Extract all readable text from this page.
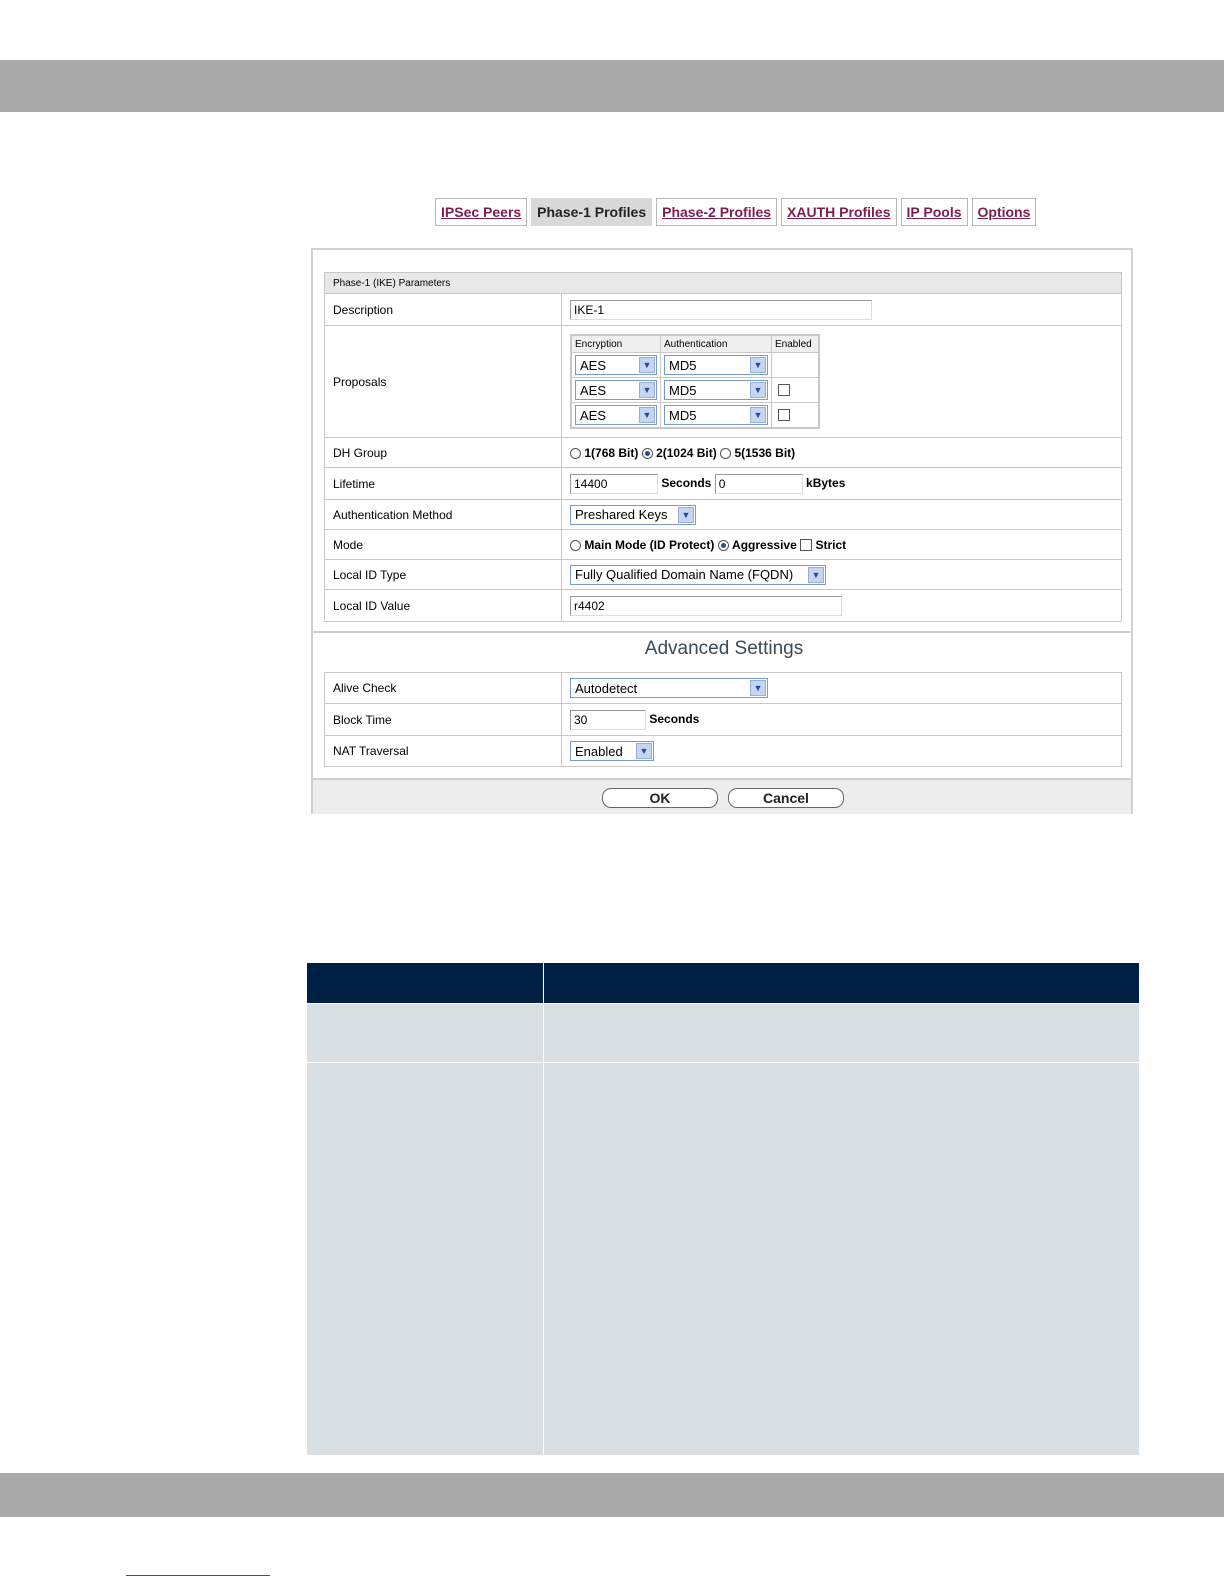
IPSec Peers	Phase-1 Profiles	Phase-2 Profiles	XAUTH Profiles	IP Pools	Options
Phase-1 (IKE) Parameters
Description	IKE-1
Proposals	
Encryption	Authentication	Enabled

AES	▼	MD5	▼

AES	▼	MD5	▼

AES	▼	MD5	▼

DH Group	1(768 Bit) 2(1024 Bit) 5(1536 Bit)
Lifetime	14400	Seconds 0	kBytes
Authentication Method	Preshared Keys	▼

Mode	Main Mode (ID Protect) Aggressive Strict
Local ID Type	Fully Qualified Domain Name (FQDN)	▼

Local ID Value	r4402
Advanced Settings
Alive Check	Autodetect ▼

Block Time	30 Seconds
NAT Traversal	Enabled ▼
OK	Cancel
